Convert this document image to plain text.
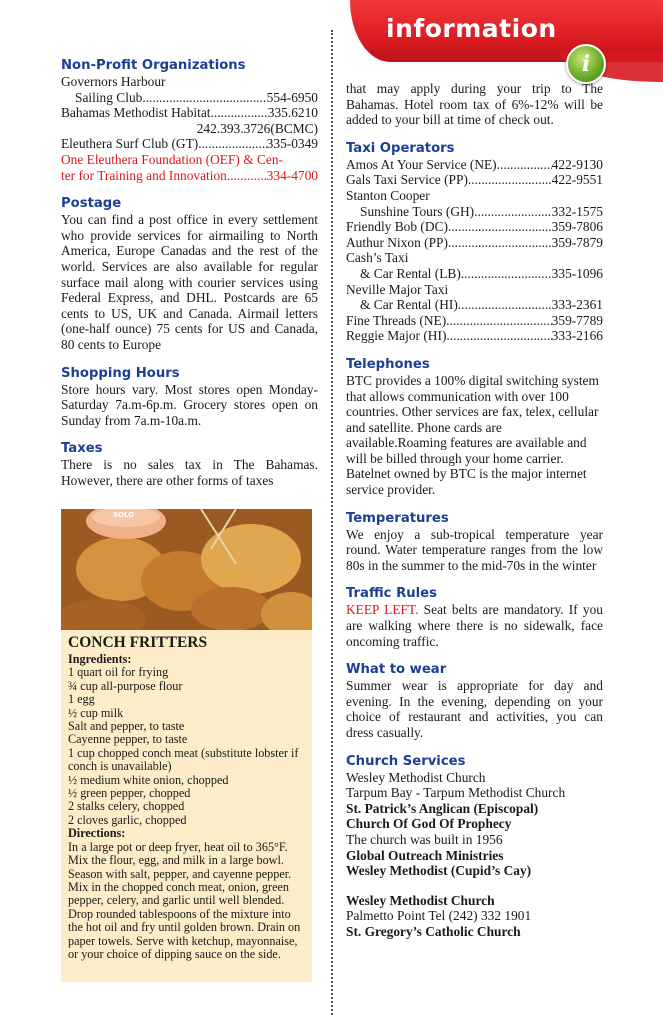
information
i
Non-Profit Organizations
Governors Harbour
Sailing Club .....	554-6950
Bahamas Methodist Habitat .....	335.6210
242.393.3726(BCMC)
Eleuthera Surf Club (GT) .....	335-0349
One Eleuthera Foundation (OEF) & Cen-
ter for Training and Innovation .....	334-4700
Postage

You can find a post office in every settlement who provide services for airmailing to North America, Europe Canadas and the rest of the world. Services are also available for regular surface mail along with courier services using Federal Express, and DHL. Postcards are 65 cents to US, UK and Canada. Airmail letters (one-half ounce) 75 cents for US and Canada, 80 cents to Europe

Shopping Hours

Store hours vary. Most stores open Monday-Saturday 7a.m-6p.m. Grocery stores open on Sunday from 7a.m-10a.m.

Taxes

There is no sales tax in The Bahamas. However, there are other forms of taxes

SOLO
CONCH FRITTERS
Ingredients:
1 quart oil for frying
¾ cup all-purpose flour
1 egg
½ cup milk
Salt and pepper, to taste
Cayenne pepper, to taste
1 cup chopped conch meat (substitute lobster if conch is unavailable)
½ medium white onion, chopped
½ green pepper, chopped
2 stalks celery, chopped
2 cloves garlic, chopped
Directions:

In a large pot or deep fryer, heat oil to 365°F. Mix the flour, egg, and milk in a large bowl. Season with salt, pepper, and cayenne pepper. Mix in the chopped conch meat, onion, green pepper, celery, and garlic until well blended. Drop rounded tablespoons of the mixture into the hot oil and fry until golden brown. Drain on paper towels. Serve with ketchup, mayonnaise, or your choice of dipping sauce on the side.

that may apply during your trip to The Bahamas. Hotel room tax of 6%-12% will be added to your bill at time of check out.

Taxi Operators
Amos At Your Service (NE) .....	422-9130
Gals Taxi Service (PP) .....	422-9551
Stanton Cooper
Sunshine Tours (GH) .....	332-1575
Friendly Bob (DC) .....	359-7806
Authur Nixon (PP) .....	359-7879
Cash’s Taxi
& Car Rental (LB) .....	335-1096
Neville Major Taxi
& Car Rental (HI) .....	333-2361
Fine Threads (NE) .....	359-7789
Reggie Major (HI) .....	333-2166
Telephones

BTC provides a 100% digital switching system that allows communication with over 100 countries. Other services are fax, telex, cellular and satellite. Phone cards are available.Roaming features are available and will be billed through your home carrier. Batelnet owned by BTC is the major internet service provider.

Temperatures

We enjoy a sub-tropical temperature year round. Water temperature ranges from the low 80s in the summer to the mid-70s in the winter

Traffic Rules

KEEP LEFT. Seat belts are mandatory. If you are walking where there is no sidewalk, face oncoming traffic.

What to wear

Summer wear is appropriate for day and evening. In the evening, depending on your choice of restaurant and activities, you can dress casually.

Church Services
Wesley Methodist Church
Tarpum Bay - Tarpum Methodist Church
St. Patrick’s Anglican (Episcopal)
Church Of God Of Prophecy
The church was built in 1956
Global Outreach Ministries
Wesley Methodist (Cupid’s Cay)
Wesley Methodist Church
Palmetto Point Tel (242) 332 1901
St. Gregory’s Catholic Church
